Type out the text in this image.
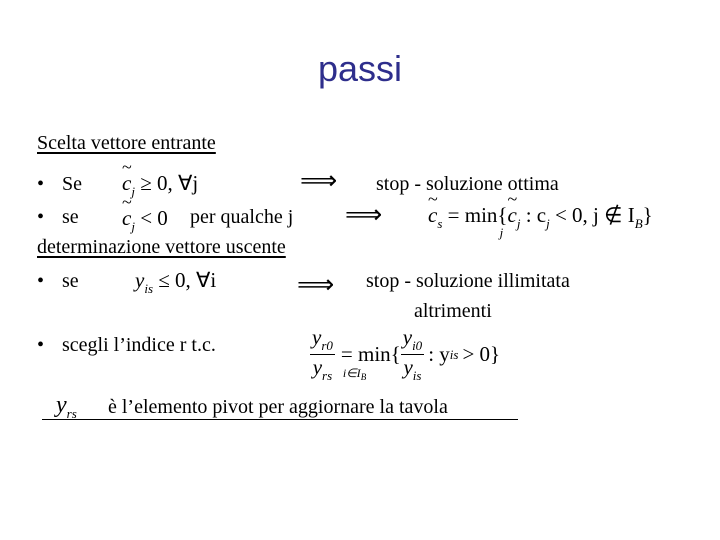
passi
Scelta vettore entrante
• Se ~ $c_j \ge 0$, ∀j	⟹ stop - soluzione ottima
• se ~ $c_j < 0$ per qualche j ⟹ ~ $c_s = \min${
j
~ $c_j$ : $c_j < 0$, j ∉ $I_B$}
determinazione vettore uscente
• se	$y_{is} \le 0$, ∀i	⟹ stop - soluzione illimitata
altrimenti
• scegli l’indice r t.c.	$\frac{y_{r0}}{y_{rs}} = \min${
$i\in I_B \frac{y_{i0}}{y_{is}}$ : y is > 0}
$y_{rs}$ è l’elemento pivot per aggiornare la tavola
